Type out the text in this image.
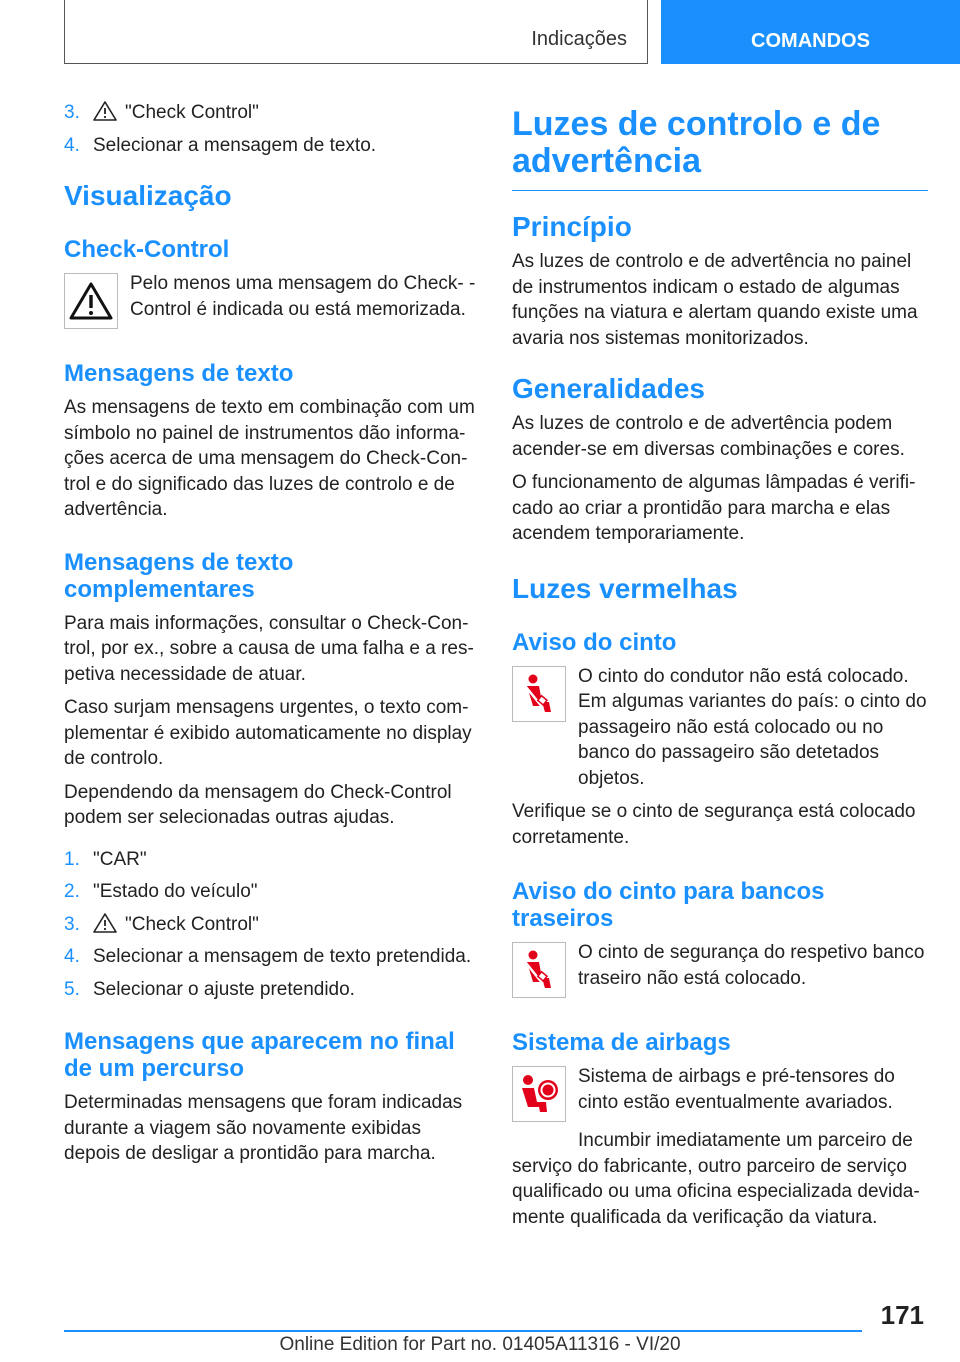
Indicações	COMANDOS
3.	"Check Control"
4. Selecionar a mensagem de texto.
Visualização
Check-Control

Pelo menos uma mensagem do Check- -Control é indicada ou está memorizada.

Mensagens de texto

As mensagens de texto em combinação com um símbolo no painel de instrumentos dão informa- ções acerca de uma mensagem do Check-Con- trol e do significado das luzes de controlo e de advertência.

Mensagens de texto complementares

Para mais informações, consultar o Check-Con- trol, por ex., sobre a causa de uma falha e a res- petiva necessidade de atuar.

Caso surjam mensagens urgentes, o texto com- plementar é exibido automaticamente no display de controlo.

Dependendo da mensagem do Check-Control podem ser selecionadas outras ajudas.

1. "CAR"
2. "Estado do veículo"
3.	"Check Control"
4. Selecionar a mensagem de texto pretendida.
5. Selecionar o ajuste pretendido.
Mensagens que aparecem no final de um percurso

Determinadas mensagens que foram indicadas durante a viagem são novamente exibidas depois de desligar a prontidão para marcha.

Luzes de controlo e de advertência
Princípio

As luzes de controlo e de advertência no painel de instrumentos indicam o estado de algumas funções na viatura e alertam quando existe uma avaria nos sistemas monitorizados.

Generalidades

As luzes de controlo e de advertência podem acender-se em diversas combinações e cores.

O funcionamento de algumas lâmpadas é verifi- cado ao criar a prontidão para marcha e elas acendem temporariamente.

Luzes vermelhas
Aviso do cinto

O cinto do condutor não está colocado. Em algumas variantes do país: o cinto do passageiro não está colocado ou no banco do passageiro são detetados objetos.

Verifique se o cinto de segurança está colocado corretamente.

Aviso do cinto para bancos traseiros

O cinto de segurança do respetivo banco traseiro não está colocado.

Sistema de airbags

Sistema de airbags e pré-tensores do cinto estão eventualmente avariados.

Incumbir imediatamente um parceiro de serviço do fabricante, outro parceiro de serviço qualificado ou uma oficina especializada devida- mente qualificada da verificação da viatura.

171
Online Edition for Part no. 01405A11316 - VI/20
